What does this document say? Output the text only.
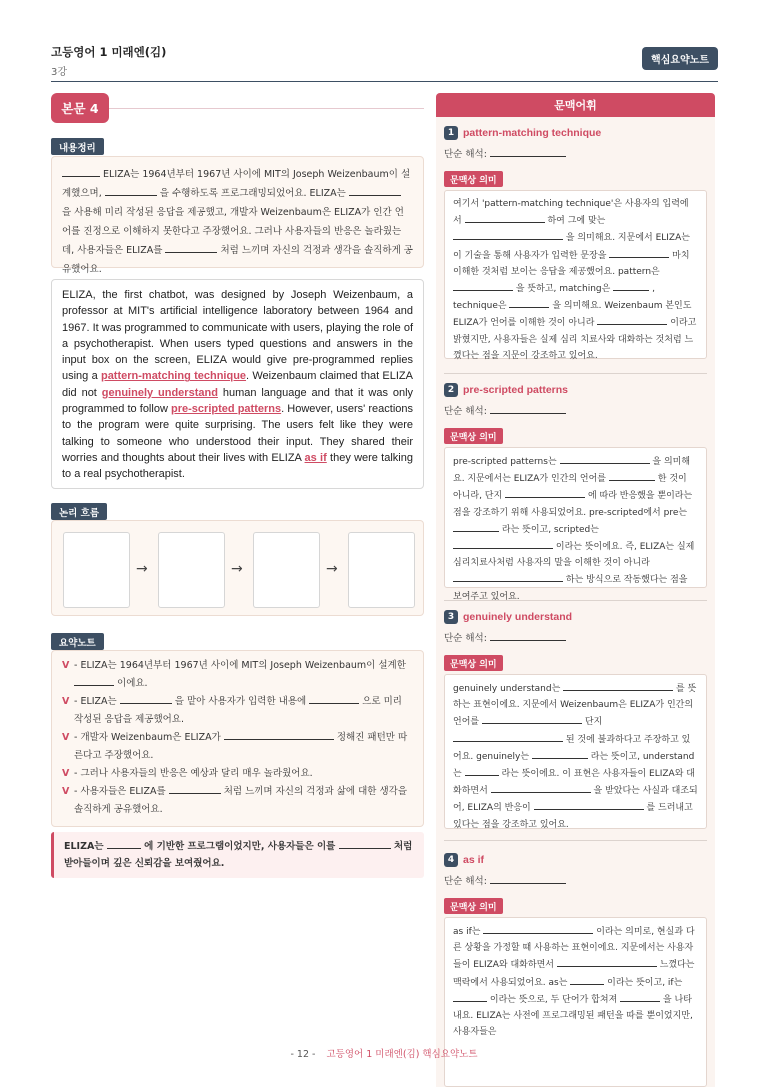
고등영어 1 미래엔(김)
3강
핵심요약노트
본문 4
내용정리
ELIZA는 1964년부터 1967년 사이에 MIT의 Joseph Weizenbaum이 설계했으며,	을 수행하도록 프로그래밍되었어요. ELIZA는  을 사용해 미리 작성된 응답을 제공했고, 개발자 Weizenbaum은 ELIZA가 인간 언어를 진정으로 이해하지 못한다고 주장했어요. 그러나 사용자들의 반응은 놀라웠는데, 사용자들은 ELIZA를	처럼 느끼며 자신의 걱정과 생각을 솔직하게 공유했어요.
ELIZA, the first chatbot, was designed by Joseph Weizenbaum, a professor at MIT's artificial intelligence laboratory between 1964 and 1967. It was programmed to communicate with users, playing the role of a psychotherapist. When users typed questions and answers in the input box on the screen, ELIZA would give pre-programmed replies using a pattern-matching technique. Weizenbaum claimed that ELIZA did not genuinely understand human language and that it was only programmed to follow pre-scripted patterns. However, users' reactions to the program were quite surprising. The users felt like they were talking to someone who understood their input. They shared their worries and thoughts about their lives with ELIZA as if they were talking to a real psychotherapist.
논리 흐름
→	→	→
요약노트
V - ELIZA는 1964년부터 1967년 사이에 MIT의 Joseph Weizenbaum이 설계한
이에요.
V - ELIZA는	을 맡아 사용자가 입력한 내용에	으로 미리 작성된 응답을 제공했어요.
V - 개발자 Weizenbaum은 ELIZA가	정해진 패턴만 따른다고 주장했어요.
V - 그러나 사용자들의 반응은 예상과 달리 매우 놀라웠어요.
V - 사용자들은 ELIZA를	처럼 느끼며 자신의 걱정과 삶에 대한 생각을 솔직하게 공유했어요.
ELIZA는	에 기반한 프로그램이었지만, 사용자들은 이를	처럼 받아들이며 깊은 신뢰감을 보여줬어요.
문맥어휘
1 pattern-matching technique
단순 해석:
문맥상 의미
여기서 'pattern-matching technique'은 사용자의 입력에 서	하여 그에 맞는  을 의미해요. 지문에서 ELIZA는 이 기술을 통해 사용자가 입력한 문장을	마치 이해한 것처럼 보이는 응답을 제공했어요. pattern은  을 뜻하고, matching은	, technique은	을 의미해요. Weizenbaum 본인도 ELIZA가 언어를 이해한 것이 아니라	이라고 밝혔지만, 사용자들은 실제 심리 치료사와 대화하는 것처럼 느꼈다는 점을 지문이 강조하고 있어요.
2 pre-scripted patterns
단순 해석:
문맥상 의미
pre-scripted patterns는	을 의미해요. 지문에서는 ELIZA가 인간의 언어를	한 것이 아니라, 단지	에 따라 반응했을 뿐이라는 점을 강조하기 위해 사용되었어요. pre-scripted에서 pre는  라는 뜻이고, scripted는  이라는 뜻이에요. 즉, ELIZA는 실제 심리치료사처럼 사용자의 말을 이해한 것이 아니라  하는 방식으로 작동했다는 점을 보여주고 있어요.
3 genuinely understand
단순 해석:
문맥상 의미
genuinely understand는	를 뜻하는 표현이에요. 지문에서 Weizenbaum은 ELIZA가 인간의 언어를	단지  된 것에 불과하다고 주장하고 있어요. genuinely는	라는 뜻이고, understand는	라는 뜻이에요. 이 표현은 사용자들이 ELIZA와 대화하면서	을 받았다는 사실과 대조되어, ELIZA의 반응이	를 드러내고 있다는 점을 강조하고 있어요.
4 as if
단순 해석:
문맥상 의미
as if는	이라는 의미로, 현실과 다른 상황을 가정할 때 사용하는 표현이에요. 지문에서는 사용자들이 ELIZA와 대화하면서	느꼈다는 맥락에서 사용되었어요. as는	이라는 뜻이고, if는  이라는 뜻으로, 두 단어가 합쳐져	을 나타내요. ELIZA는 사전에 프로그래밍된 패턴을 따를 뿐이었지만, 사용자들은
- 12 - 고등영어 1 미래엔(김) 핵심요약노트
